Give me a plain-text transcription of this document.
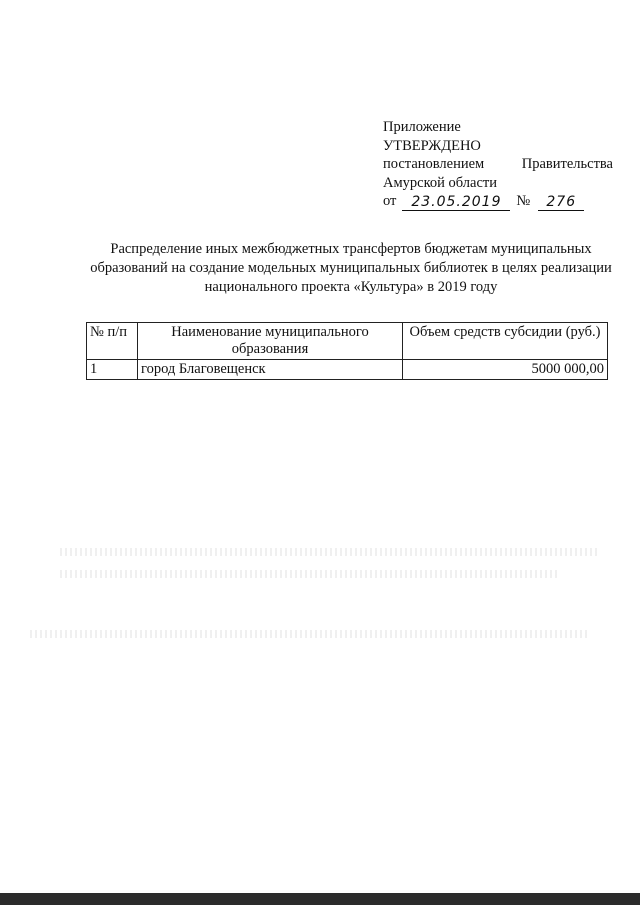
Приложение
УТВЕРЖДЕНО
постановлением	Правительства
Амурской области
от	23.05.2019	№	276
Распределение иных межбюджетных трансфертов бюджетам муниципальных образований на создание модельных муниципальных библиотек в целях реализации национального проекта «Культура» в 2019 году
№ п/п	Наименование муниципального образования	Объем средств субсидии (руб.)
1	город Благовещенск	5000 000,00
